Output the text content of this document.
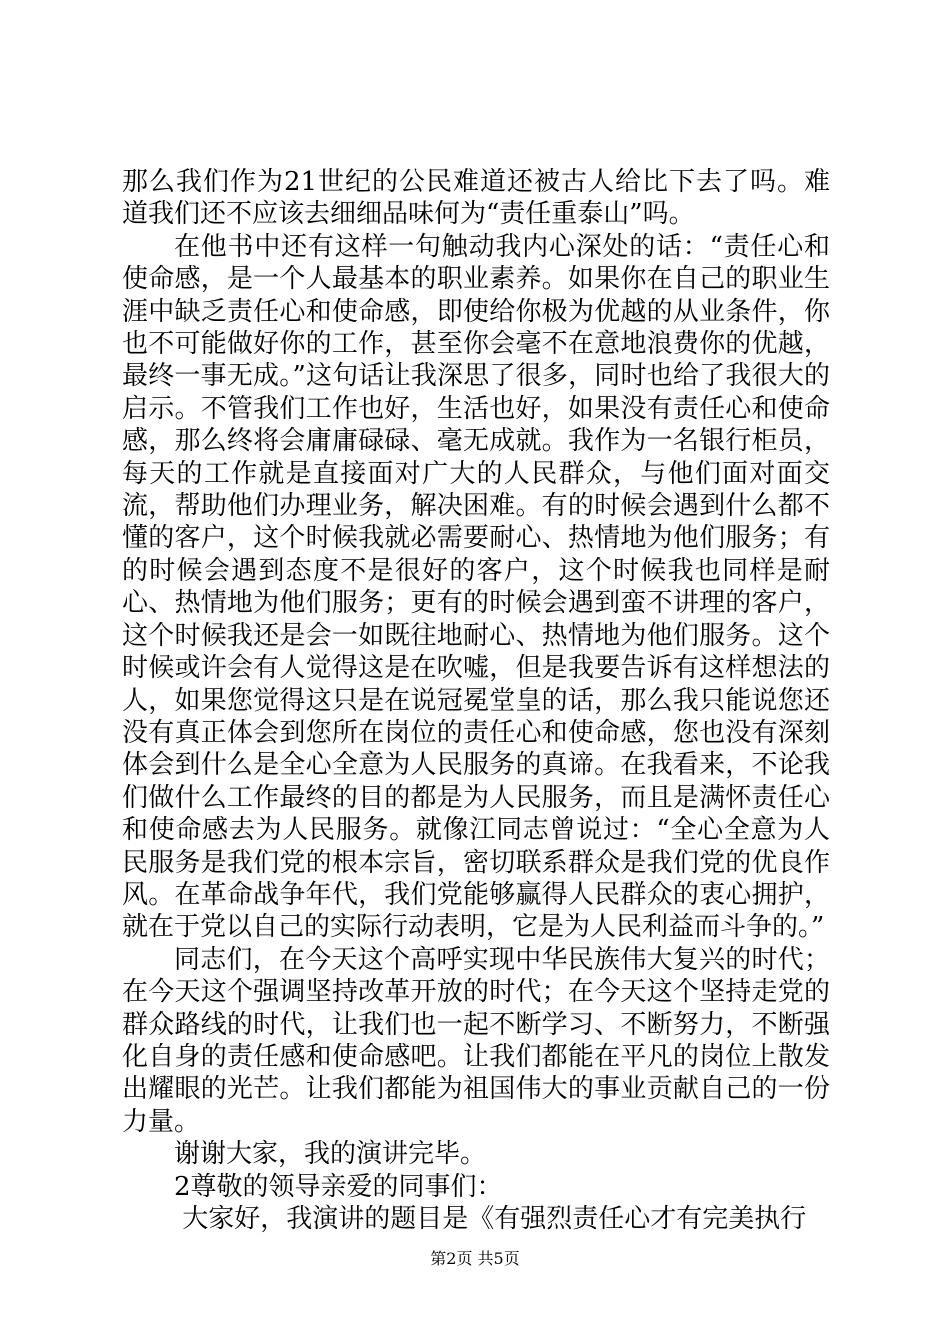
那么我们作为21世纪的公民难道还被古人给比下去了吗。难道我们还不应该去细细品味何为“责任重泰山”吗。

在他书中还有这样一句触动我内心深处的话：“责任心和使命感，是一个人最基本的职业素养。如果你在自己的职业生涯中缺乏责任心和使命感，即使给你极为优越的从业条件，你也不可能做好你的工作，甚至你会毫不在意地浪费你的优越，最终一事无成。”这句话让我深思了很多，同时也给了我很大的启示。不管我们工作也好，生活也好，如果没有责任心和使命感，那么终将会庸庸碌碌、毫无成就。我作为一名银行柜员，每天的工作就是直接面对广大的人民群众，与他们面对面交流，帮助他们办理业务，解决困难。有的时候会遇到什么都不懂的客户，这个时候我就必需要耐心、热情地为他们服务；有的时候会遇到态度不是很好的客户，这个时候我也同样是耐心、热情地为他们服务；更有的时候会遇到蛮不讲理的客户，这个时候我还是会一如既往地耐心、热情地为他们服务。这个时候或许会有人觉得这是在吹嘘，但是我要告诉有这样想法的人，如果您觉得这只是在说冠冕堂皇的话，那么我只能说您还没有真正体会到您所在岗位的责任心和使命感，您也没有深刻体会到什么是全心全意为人民服务的真谛。在我看来，不论我们做什么工作最终的目的都是为人民服务，而且是满怀责任心和使命感去为人民服务。就像江同志曾说过：“全心全意为人民服务是我们党的根本宗旨，密切联系群众是我们党的优良作风。在革命战争年代，我们党能够赢得人民群众的衷心拥护，就在于党以自己的实际行动表明，它是为人民利益而斗争的。”

同志们，在今天这个高呼实现中华民族伟大复兴的时代；在今天这个强调坚持改革开放的时代；在今天这个坚持走党的群众路线的时代，让我们也一起不断学习、不断努力，不断强化自身的责任感和使命感吧。让我们都能在平凡的岗位上散发出耀眼的光芒。让我们都能为祖国伟大的事业贡献自己的一份力量。

谢谢大家，我的演讲完毕。

2尊敬的领导亲爱的同事们：

大家好，我演讲的题目是《有强烈责任心才有完美执行

第2页 共5页
